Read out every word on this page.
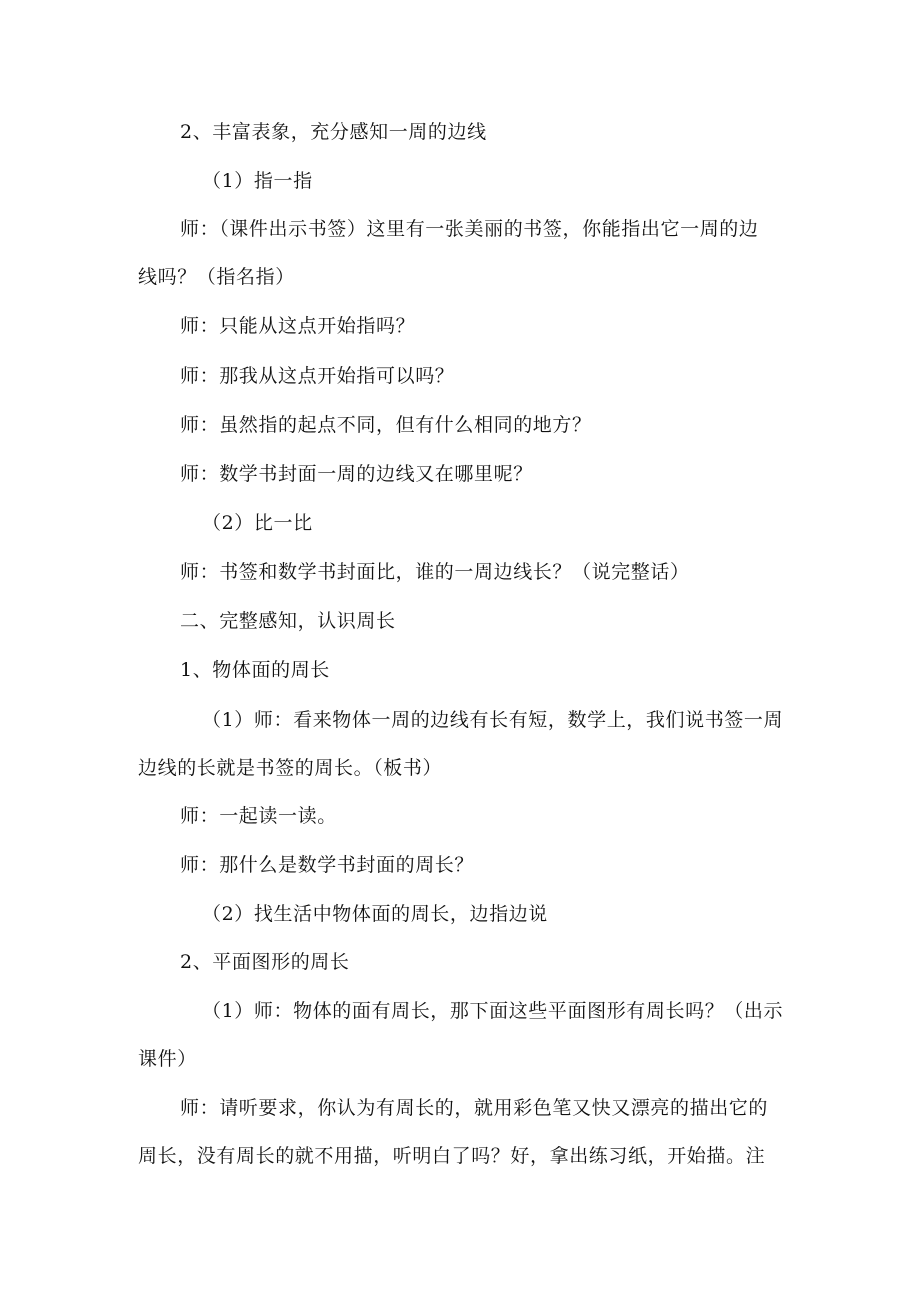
2、丰富表象，充分感知一周的边线
（1）指一指
师：（课件出示书签）这里有一张美丽的书签，你能指出它一周的边
线吗？（指名指）
师：只能从这点开始指吗？
师：那我从这点开始指可以吗？
师：虽然指的起点不同，但有什么相同的地方？
师：数学书封面一周的边线又在哪里呢？
（2）比一比
师：书签和数学书封面比，谁的一周边线长？（说完整话）
二、完整感知，认识周长
1、物体面的周长
（1）师：看来物体一周的边线有长有短，数学上，我们说书签一周
边线的长就是书签的周长。（板书）
师：一起读一读。
师：那什么是数学书封面的周长？
（2）找生活中物体面的周长，边指边说
2、平面图形的周长
（1）师：物体的面有周长，那下面这些平面图形有周长吗？（出示
课件）
师：请听要求，你认为有周长的，就用彩色笔又快又漂亮的描出它的
周长，没有周长的就不用描，听明白了吗？好，拿出练习纸，开始描。注
